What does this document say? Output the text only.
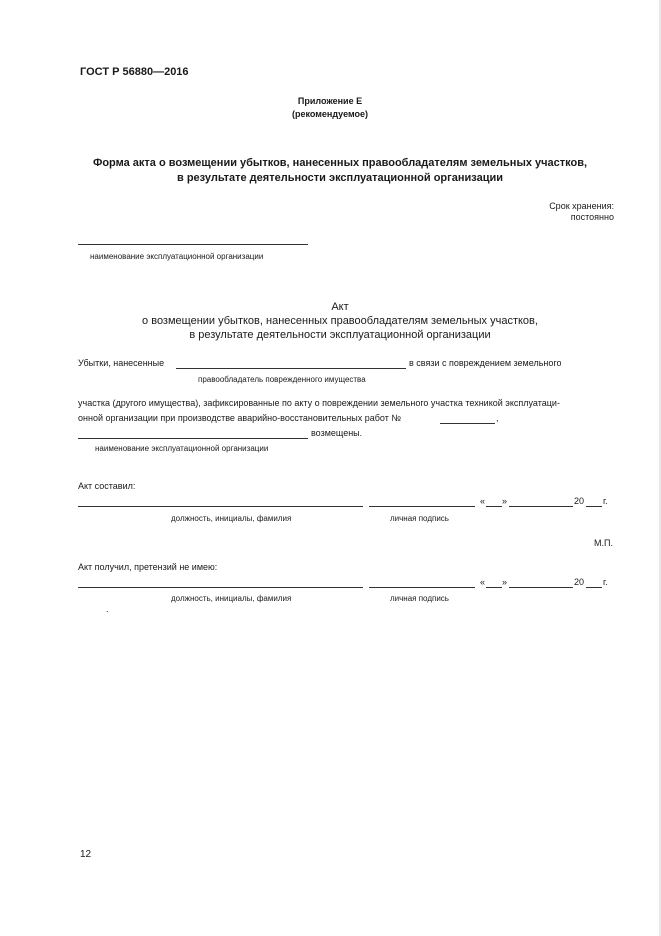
ГОСТ Р 56880—2016
Приложение Е
(рекомендуемое)
Форма акта о возмещении убытков, нанесенных правообладателям земельных участков,
в результате деятельности эксплуатационной организации
Срок хранения:
постоянно
наименование эксплуатационной организации
Акт
о возмещении убытков, нанесенных правообладателям земельных участков,
в результате деятельности эксплуатационной организации
Убытки, нанесенные	в связи с повреждением земельного
правообладатель поврежденного имущества
участка (другого имущества), зафиксированные по акту о повреждении земельного участка техникой эксплуатаци-
онной организации при производстве аварийно-восстановительных работ №	,
возмещены.
наименование эксплуатационной организации
Акт составил:
« »	20 г.
должность, инициалы, фамилия	личная подпись
М.П.
Акт получил, претензий не имею:
« »	20 г.
должность, инициалы, фамилия	личная подпись
.
12
